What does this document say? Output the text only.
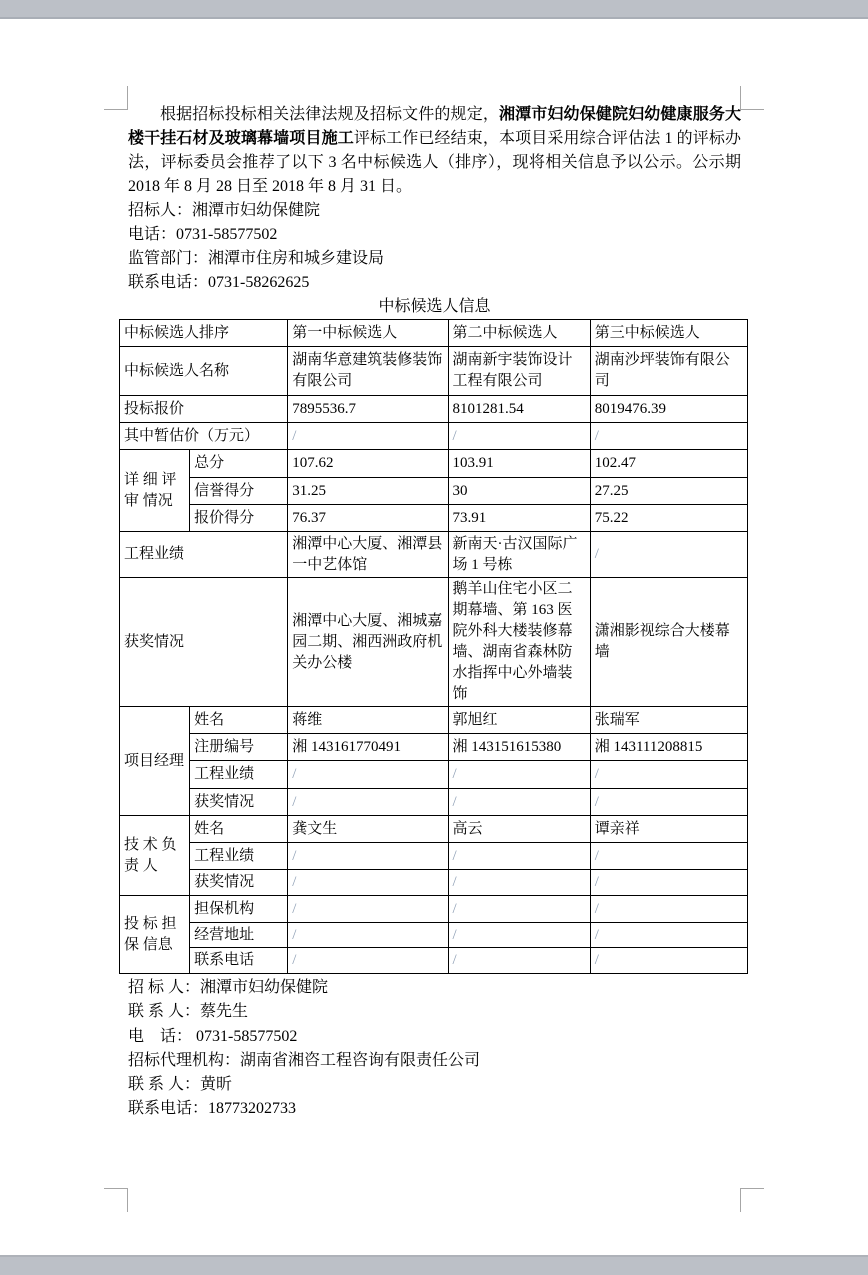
根据招标投标相关法律法规及招标文件的规定，湘潭市妇幼保健院妇幼健康服务大楼干挂石材及玻璃幕墙项目施工评标工作已经结束，本项目采用综合评估法 1 的评标办法，评标委员会推荐了以下 3 名中标候选人（排序），现将相关信息予以公示。公示期 2018 年 8 月 28 日至 2018 年 8 月 31 日。

招标人：湘潭市妇幼保健院
电话：0731-58577502
监管部门：湘潭市住房和城乡建设局
联系电话：0731-58262625
中标候选人信息
中标候选人排序		第一中标候选人	第二中标候选人	第三中标候选人
中标候选人名称		湖南华意建筑装修装饰有限公司	湖南新宇装饰设计工程有限公司	湖南沙坪装饰有限公司
投标报价		7895536.7	8101281.54	8019476.39
其中暂估价（万元）		/	/	/
详 细 评 审 情况	总分	107.62	103.91	102.47
	信誉得分	31.25	30	27.25
	报价得分	76.37	73.91	75.22
工程业绩		湘潭中心大厦、湘潭县一中艺体馆	新南天·古汉国际广场 1 号栋	/
获奖情况		湘潭中心大厦、湘城嘉园二期、湘西洲政府机关办公楼	鹅羊山住宅小区二期幕墙、第 163 医院外科大楼装修幕墙、湖南省森林防水指挥中心外墙装饰	潇湘影视综合大楼幕墙
项目经理	姓名	蒋维	郭旭红	张瑞军
	注册编号	湘 143161770491	湘 143151615380	湘 143111208815
	工程业绩	/	/	/
	获奖情况	/	/	/
技 术 负 责 人	姓名	龚文生	高云	谭亲祥
	工程业绩	/	/	/
	获奖情况	/	/	/
投 标 担 保 信息	担保机构	/	/	/
	经营地址	/	/	/
	联系电话	/	/	/
招 标 人：湘潭市妇幼保健院
联 系 人：蔡先生
电　话： 0731-58577502
招标代理机构：湖南省湘咨工程咨询有限责任公司
联 系 人：黄昕
联系电话：18773202733
